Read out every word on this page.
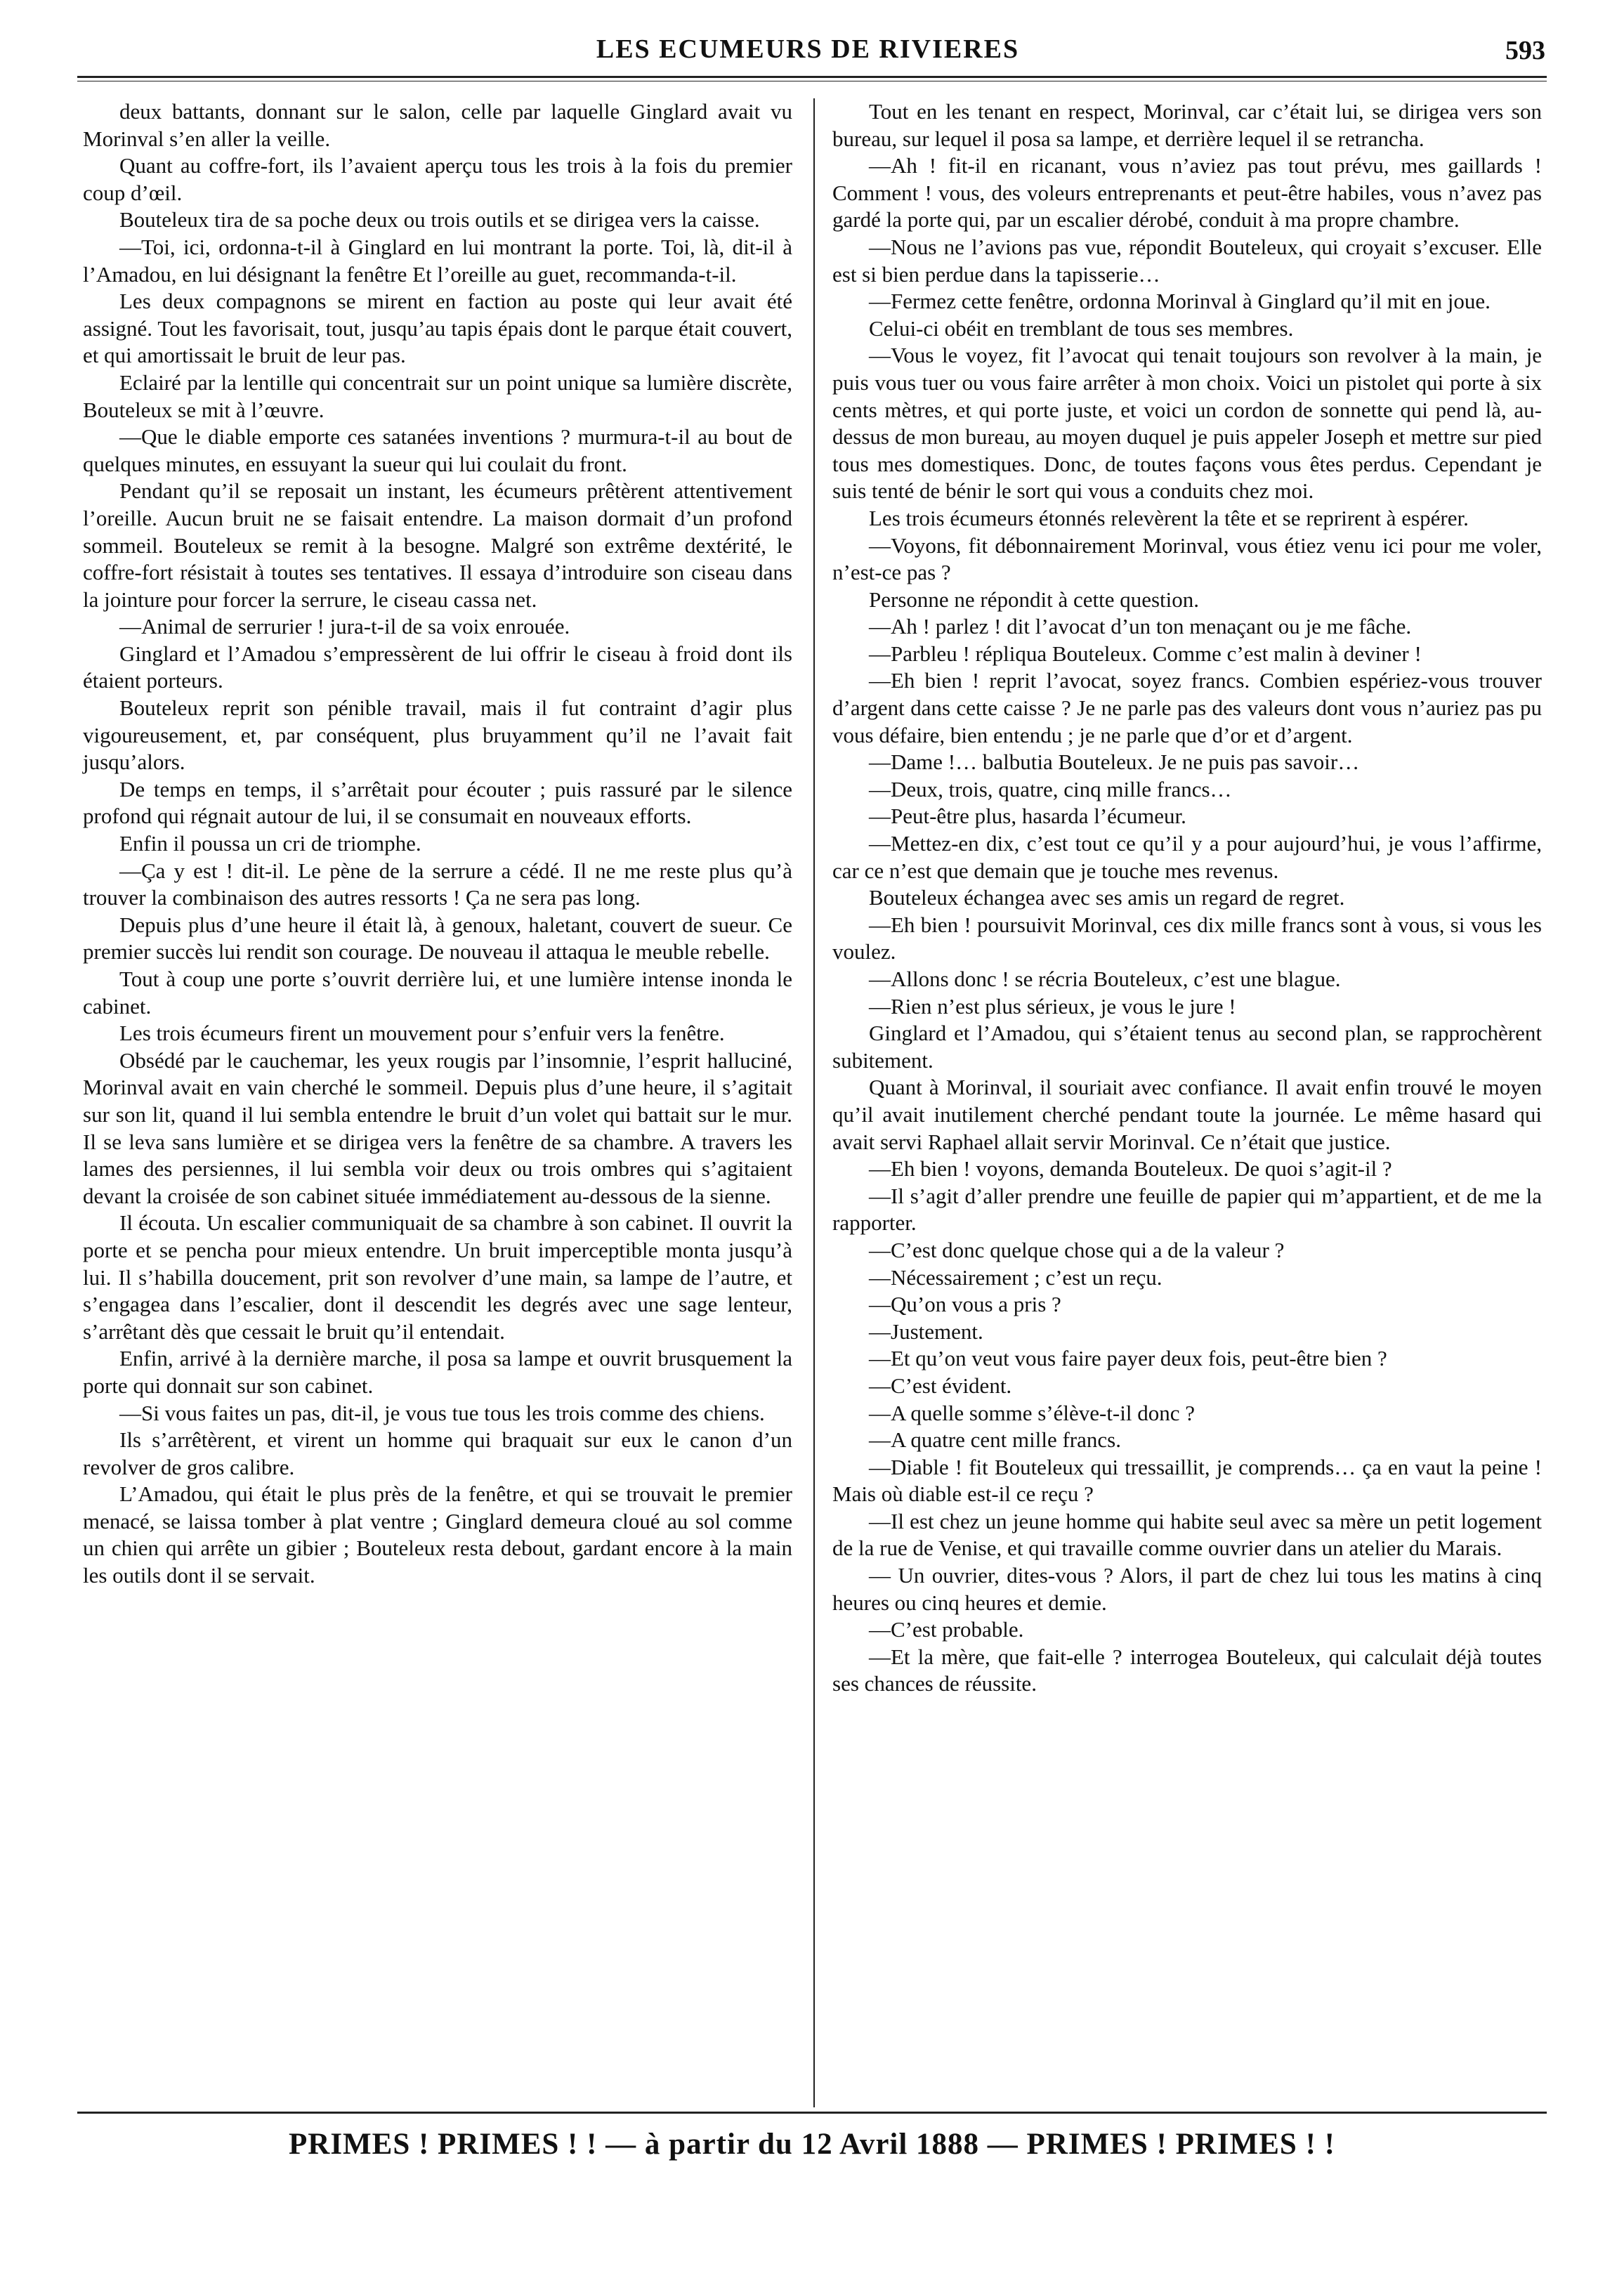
LES ECUMEURS DE RIVIERES	593

deux battants, donnant sur le salon, celle par laquelle Ginglard avait vu Morinval s’en aller la veille.

Quant au coffre-fort, ils l’avaient aperçu tous les trois à la fois du premier coup d’œil.

Bouteleux tira de sa poche deux ou trois outils et se dirigea vers la caisse.

—Toi, ici, ordonna-t-il à Ginglard en lui montrant la porte. Toi, là, dit-il à l’Amadou, en lui désignant la fenêtre Et l’oreille au guet, recommanda-t-il.

Les deux compagnons se mirent en faction au poste qui leur avait été assigné. Tout les favorisait, tout, jusqu’au tapis épais dont le parque était couvert, et qui amortissait le bruit de leur pas.

Eclairé par la lentille qui concentrait sur un point unique sa lumière discrète, Bouteleux se mit à l’œuvre.

—Que le diable emporte ces satanées inventions ? murmura-t-il au bout de quelques minutes, en essuyant la sueur qui lui coulait du front.

Pendant qu’il se reposait un instant, les écumeurs prêtèrent attentivement l’oreille. Aucun bruit ne se faisait entendre. La maison dormait d’un profond sommeil. Bouteleux se remit à la besogne. Malgré son extrême dextérité, le coffre-fort résistait à toutes ses tentatives. Il essaya d’introduire son ciseau dans la jointure pour forcer la serrure, le ciseau cassa net.

—Animal de serrurier ! jura-t-il de sa voix enrouée.

Ginglard et l’Amadou s’empressèrent de lui offrir le ciseau à froid dont ils étaient porteurs.

Bouteleux reprit son pénible travail, mais il fut contraint d’agir plus vigoureusement, et, par conséquent, plus bruyamment qu’il ne l’avait fait jusqu’alors.

De temps en temps, il s’arrêtait pour écouter ; puis rassuré par le silence profond qui régnait autour de lui, il se consumait en nouveaux efforts.

Enfin il poussa un cri de triomphe.

—Ça y est ! dit-il. Le pène de la serrure a cédé. Il ne me reste plus qu’à trouver la combinaison des autres ressorts ! Ça ne sera pas long.

Depuis plus d’une heure il était là, à genoux, haletant, couvert de sueur. Ce premier succès lui rendit son courage. De nouveau il attaqua le meuble rebelle.

Tout à coup une porte s’ouvrit derrière lui, et une lumière intense inonda le cabinet.

Les trois écumeurs firent un mouvement pour s’enfuir vers la fenêtre.

Obsédé par le cauchemar, les yeux rougis par l’insomnie, l’esprit halluciné, Morinval avait en vain cherché le sommeil. Depuis plus d’une heure, il s’agitait sur son lit, quand il lui sembla entendre le bruit d’un volet qui battait sur le mur. Il se leva sans lumière et se dirigea vers la fenêtre de sa chambre. A travers les lames des persiennes, il lui sembla voir deux ou trois ombres qui s’agitaient devant la croisée de son cabinet située immédiatement au-dessous de la sienne.

Il écouta. Un escalier communiquait de sa chambre à son cabinet. Il ouvrit la porte et se pencha pour mieux entendre. Un bruit imperceptible monta jusqu’à lui. Il s’habilla doucement, prit son revolver d’une main, sa lampe de l’autre, et s’engagea dans l’escalier, dont il descendit les degrés avec une sage lenteur, s’arrêtant dès que cessait le bruit qu’il entendait.

Enfin, arrivé à la dernière marche, il posa sa lampe et ouvrit brusquement la porte qui donnait sur son cabinet.

—Si vous faites un pas, dit-il, je vous tue tous les trois comme des chiens.

Ils s’arrêtèrent, et virent un homme qui braquait sur eux le canon d’un revolver de gros calibre.

L’Amadou, qui était le plus près de la fenêtre, et qui se trouvait le premier menacé, se laissa tomber à plat ventre ; Ginglard demeura cloué au sol comme un chien qui arrête un gibier ; Bouteleux resta debout, gardant encore à la main les outils dont il se servait.

Tout en les tenant en respect, Morinval, car c’était lui, se dirigea vers son bureau, sur lequel il posa sa lampe, et derrière lequel il se retrancha.

—Ah ! fit-il en ricanant, vous n’aviez pas tout prévu, mes gaillards ! Comment ! vous, des voleurs entreprenants et peut-être habiles, vous n’avez pas gardé la porte qui, par un escalier dérobé, conduit à ma propre chambre.

—Nous ne l’avions pas vue, répondit Bouteleux, qui croyait s’excuser. Elle est si bien perdue dans la tapisserie…

—Fermez cette fenêtre, ordonna Morinval à Ginglard qu’il mit en joue.

Celui-ci obéit en tremblant de tous ses membres.

—Vous le voyez, fit l’avocat qui tenait toujours son revolver à la main, je puis vous tuer ou vous faire arrêter à mon choix. Voici un pistolet qui porte à six cents mètres, et qui porte juste, et voici un cordon de sonnette qui pend là, au-dessus de mon bureau, au moyen duquel je puis appeler Joseph et mettre sur pied tous mes domestiques. Donc, de toutes façons vous êtes perdus. Cependant je suis tenté de bénir le sort qui vous a conduits chez moi.

Les trois écumeurs étonnés relevèrent la tête et se reprirent à espérer.

—Voyons, fit débonnairement Morinval, vous étiez venu ici pour me voler, n’est-ce pas ?

Personne ne répondit à cette question.

—Ah ! parlez ! dit l’avocat d’un ton menaçant ou je me fâche.

—Parbleu ! répliqua Bouteleux. Comme c’est malin à deviner !

—Eh bien ! reprit l’avocat, soyez francs. Combien espériez-vous trouver d’argent dans cette caisse ? Je ne parle pas des valeurs dont vous n’auriez pas pu vous défaire, bien entendu ; je ne parle que d’or et d’argent.

—Dame !… balbutia Bouteleux. Je ne puis pas savoir…

—Deux, trois, quatre, cinq mille francs…

—Peut-être plus, hasarda l’écumeur.

—Mettez-en dix, c’est tout ce qu’il y a pour aujourd’hui, je vous l’affirme, car ce n’est que demain que je touche mes revenus.

Bouteleux échangea avec ses amis un regard de regret.

—Eh bien ! poursuivit Morinval, ces dix mille francs sont à vous, si vous les voulez.

—Allons donc ! se récria Bouteleux, c’est une blague.

—Rien n’est plus sérieux, je vous le jure !

Ginglard et l’Amadou, qui s’étaient tenus au second plan, se rapprochèrent subitement.

Quant à Morinval, il souriait avec confiance. Il avait enfin trouvé le moyen qu’il avait inutilement cherché pendant toute la journée. Le même hasard qui avait servi Raphael allait servir Morinval. Ce n’était que justice.

—Eh bien ! voyons, demanda Bouteleux. De quoi s’agit-il ?

—Il s’agit d’aller prendre une feuille de papier qui m’appartient, et de me la rapporter.

—C’est donc quelque chose qui a de la valeur ?

—Nécessairement ; c’est un reçu.

—Qu’on vous a pris ?

—Justement.

—Et qu’on veut vous faire payer deux fois, peut-être bien ?

—C’est évident.

—A quelle somme s’élève-t-il donc ?

—A quatre cent mille francs.

—Diable ! fit Bouteleux qui tressaillit, je comprends… ça en vaut la peine ! Mais où diable est-il ce reçu ?

—Il est chez un jeune homme qui habite seul avec sa mère un petit logement de la rue de Venise, et qui travaille comme ouvrier dans un atelier du Marais.

— Un ouvrier, dites-vous ? Alors, il part de chez lui tous les matins à cinq heures ou cinq heures et demie.

—C’est probable.

—Et la mère, que fait-elle ? interrogea Bouteleux, qui calculait déjà toutes ses chances de réussite.

PRIMES ! PRIMES ! ! — à partir du 12 Avril 1888 — PRIMES ! PRIMES ! !
